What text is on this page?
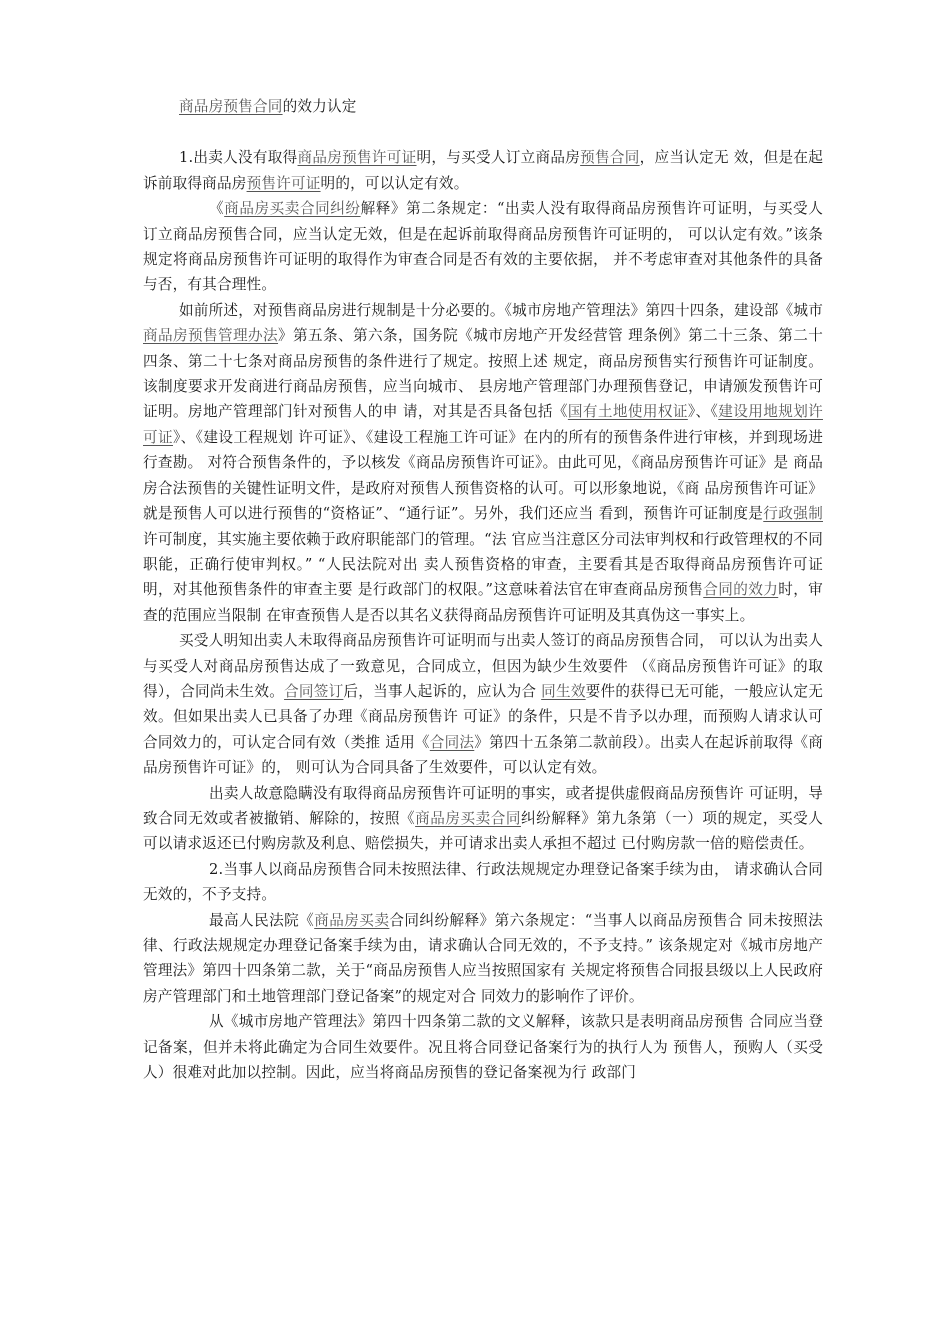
商品房预售合同的效力认定

1.出卖人没有取得商品房预售许可证明，与买受人订立商品房预售合同，应当认定无 效，但是在起诉前取得商品房预售许可证明的，可以认定有效。

《商品房买卖合同纠纷解释》第二条规定：“出卖人没有取得商品房预售许可证明，与买受人订立商品房预售合同，应当认定无效，但是在起诉前取得商品房预售许可证明的， 可以认定有效。”该条规定将商品房预售许可证明的取得作为审查合同是否有效的主要依据， 并不考虑审查对其他条件的具备与否，有其合理性。

如前所述，对预售商品房进行规制是十分必要的。《城市房地产管理法》第四十四条，建设部《城市商品房预售管理办法》第五条、第六条，国务院《城市房地产开发经营管 理条例》第二十三条、第二十四条、第二十七条对商品房预售的条件进行了规定。按照上述 规定，商品房预售实行预售许可证制度。该制度要求开发商进行商品房预售，应当向城市、 县房地产管理部门办理预售登记，申请颁发预售许可证明。房地产管理部门针对预售人的申 请，对其是否具备包括《国有土地使用权证》、《建设用地规划许可证》、《建设工程规划 许可证》、《建设工程施工许可证》在内的所有的预售条件进行审核，并到现场进行查勘。 对符合预售条件的，予以核发《商品房预售许可证》。由此可见，《商品房预售许可证》是 商品房合法预售的关键性证明文件，是政府对预售人预售资格的认可。可以形象地说，《商 品房预售许可证》就是预售人可以进行预售的“资格证”、“通行证”。另外，我们还应当 看到，预售许可证制度是行政强制许可制度，其实施主要依赖于政府职能部门的管理。“法 官应当注意区分司法审判权和行政管理权的不同职能，正确行使审判权。” “人民法院对出 卖人预售资格的审查，主要看其是否取得商品房预售许可证明，对其他预售条件的审查主要 是行政部门的权限。”这意味着法官在审查商品房预售合同的效力时，审查的范围应当限制 在审查预售人是否以其名义获得商品房预售许可证明及其真伪这一事实上。

买受人明知出卖人未取得商品房预售许可证明而与出卖人签订的商品房预售合同， 可以认为出卖人与买受人对商品房预售达成了一致意见，合同成立，但因为缺少生效要件 （《商品房预售许可证》的取得），合同尚未生效。合同签订后，当事人起诉的，应认为合 同生效要件的获得已无可能，一般应认定无效。但如果出卖人已具备了办理《商品房预售许 可证》的条件，只是不肯予以办理，而预购人请求认可合同效力的，可认定合同有效（类推 适用《合同法》第四十五条第二款前段）。出卖人在起诉前取得《商品房预售许可证》的， 则可认为合同具备了生效要件，可以认定有效。

出卖人故意隐瞒没有取得商品房预售许可证明的事实，或者提供虚假商品房预售许 可证明，导致合同无效或者被撤销、解除的，按照《商品房买卖合同纠纷解释》第九条第（一）项的规定，买受人可以请求返还已付购房款及利息、赔偿损失，并可请求出卖人承担不超过 已付购房款一倍的赔偿责任。

2.当事人以商品房预售合同未按照法律、行政法规规定办理登记备案手续为由， 请求确认合同无效的，不予支持。

最高人民法院《商品房买卖合同纠纷解释》第六条规定：“当事人以商品房预售合 同未按照法律、行政法规规定办理登记备案手续为由，请求确认合同无效的，不予支持。” 该条规定对《城市房地产管理法》第四十四条第二款，关于“商品房预售人应当按照国家有 关规定将预售合同报县级以上人民政府房产管理部门和土地管理部门登记备案”的规定对合 同效力的影响作了评价。

从《城市房地产管理法》第四十四条第二款的文义解释，该款只是表明商品房预售 合同应当登记备案，但并未将此确定为合同生效要件。况且将合同登记备案行为的执行人为 预售人，预购人（买受人）很难对此加以控制。因此，应当将商品房预售的登记备案视为行 政部门
